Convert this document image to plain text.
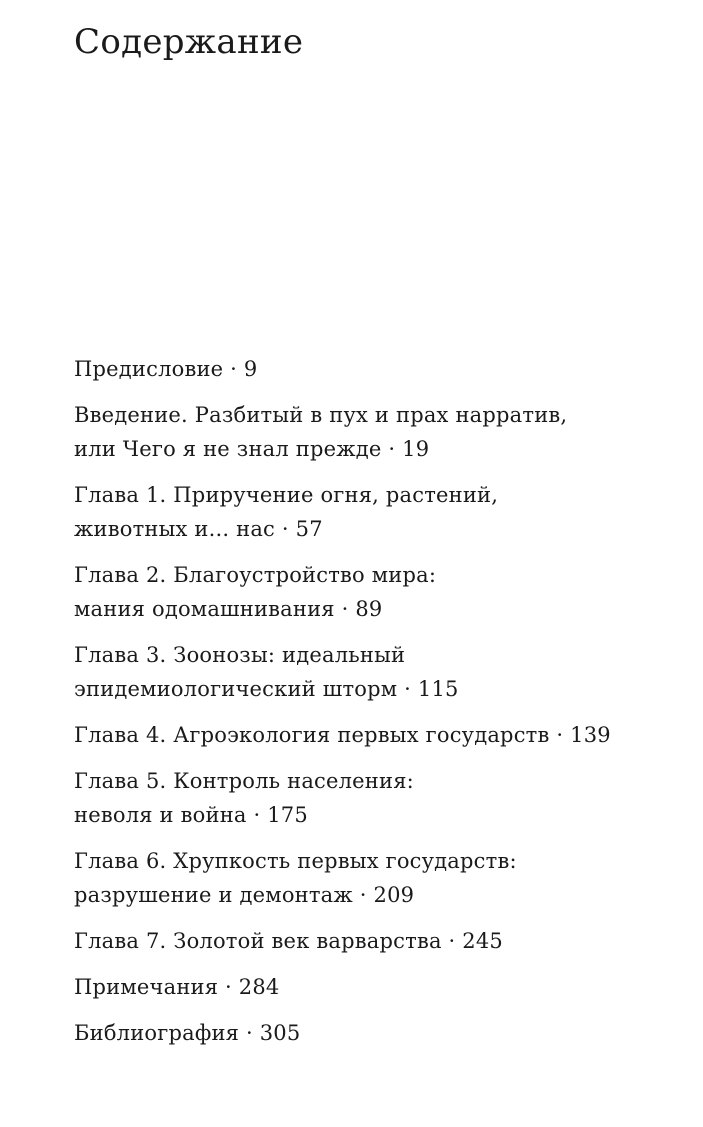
Содержание
Предисловие · 9
Введение. Разбитый в пух и прах нарратив,
или Чего я не знал прежде · 19
Глава 1. Приручение огня, растений,
животных и... нас · 57
Глава 2. Благоустройство мира:
мания одомашнивания · 89
Глава 3. Зоонозы: идеальный
эпидемиологический шторм · 115
Глава 4. Агроэкология первых государств · 139
Глава 5. Контроль населения:
неволя и война · 175
Глава 6. Хрупкость первых государств:
разрушение и демонтаж · 209
Глава 7. Золотой век варварства · 245
Примечания · 284
Библиография · 305
